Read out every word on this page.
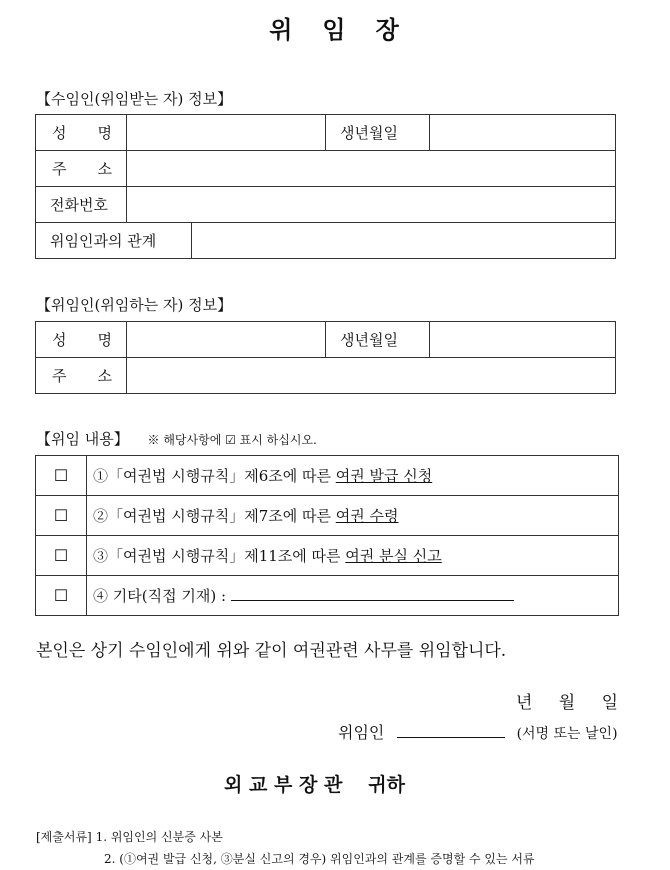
위 임 장
【수임인(위임받는 자) 정보】
성 명		생년월일	

주 소			

전화번호			
위임인과의 관계	
【위임인(위임하는 자) 정보】
성 명		생년월일	

주 소			

【위임 내용】 ※ 해당사항에 ☑ 표시 하십시오.
☐	①「여권법 시행규칙」제6조에 따른 여권 발급 신청
☐	②「여권법 시행규칙」제7조에 따른 여권 수령
☐	③「여권법 시행규칙」제11조에 따른 여권 분실 신고
☐	④ 기타(직접 기재) :
본인은 상기 수임인에게 위와 같이 여권관련 사무를 위임합니다.
년 월 일
위임인	(서명 또는 날인)
외 교 부 장 관 귀하
[제출서류] 1. 위임인의 신분증 사본
2. (①여권 발급 신청, ③분실 신고의 경우) 위임인과의 관계를 증명할 수 있는 서류
